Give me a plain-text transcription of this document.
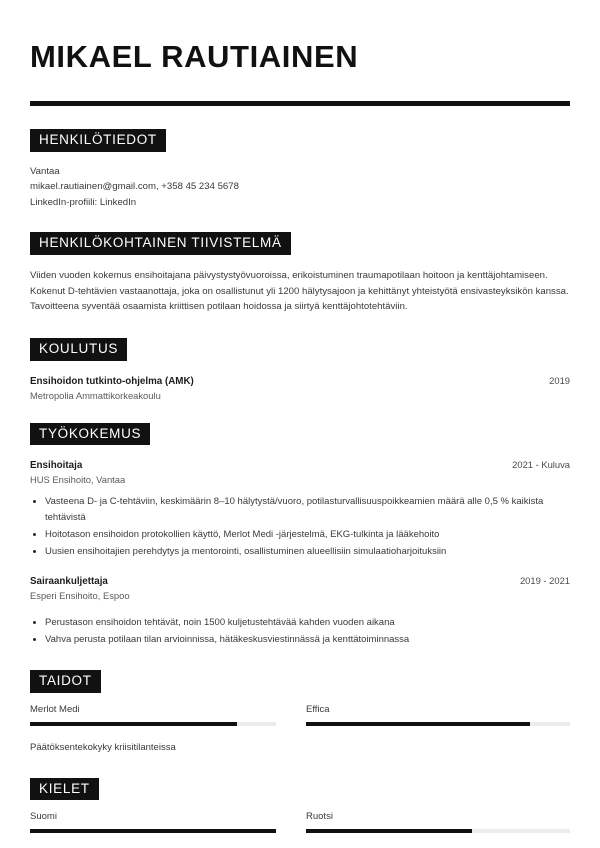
MIKAEL RAUTIAINEN
HENKILÖTIEDOT
Vantaa
mikael.rautiainen@gmail.com, +358 45 234 5678
LinkedIn-profiili: LinkedIn
HENKILÖKOHTAINEN TIIVISTELMÄ
Viiden vuoden kokemus ensihoitajana päivystystyövuoroissa, erikoistuminen traumapotilaan hoitoon ja kenttäjohtamiseen. Kokenut D-tehtävien vastaanottaja, joka on osallistunut yli 1200 hälytysajoon ja kehittänyt yhteistyötä ensivasteyksikön kanssa. Tavoitteena syventää osaamista kriittisen potilaan hoidossa ja siirtyä kenttäjohtotehtäviin.
KOULUTUS
Ensihoidon tutkinto-ohjelma (AMK)	2019
Metropolia Ammattikorkeakoulu
TYÖKOKEMUS
Ensihoitaja	2021 - Kuluva
HUS Ensihoito, Vantaa
Vasteena D- ja C-tehtäviin, keskimäärin 8–10 hälytystä/vuoro, potilasturvallisuuspoikkeamien määrä alle 0,5 % kaikista tehtävistä
Hoitotason ensihoidon protokollien käyttö, Merlot Medi -järjestelmä, EKG-tulkinta ja lääkehoito
Uusien ensihoitajien perehdytys ja mentorointi, osallistuminen alueellisiin simulaatioharjoituksiin
Sairaankuljettaja	2019 - 2021
Esperi Ensihoito, Espoo
Perustason ensihoidon tehtävät, noin 1500 kuljetustehtävää kahden vuoden aikana
Vahva perusta potilaan tilan arvioinnissa, hätäkeskusviestinnässä ja kenttätoiminnassa
TAIDOT
Merlot Medi	Effica
Päätöksentekokyky kriisitilanteissa
KIELET
Suomi	Ruotsi
